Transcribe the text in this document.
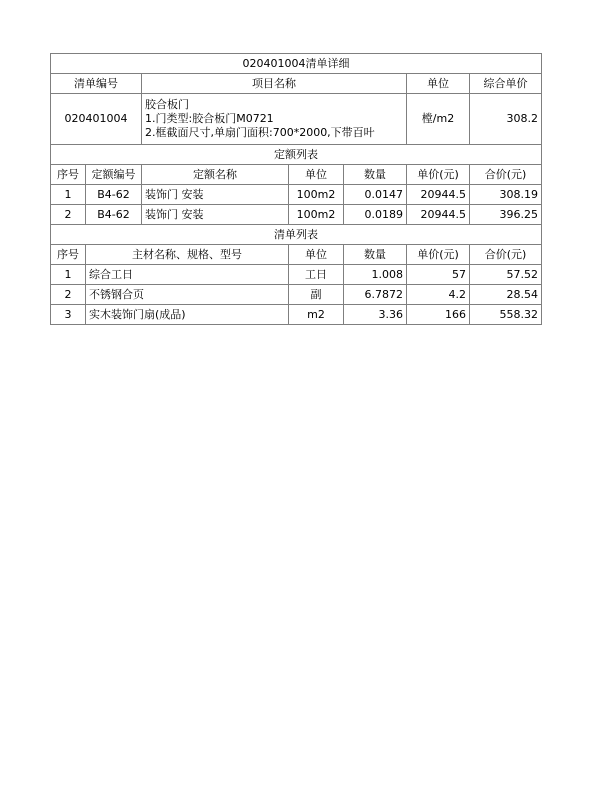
020401004清单详细						
清单编号		项目名称			单位	综合单价
020401004		胶合板门
1.门类型:胶合板门M0721
2.框截面尺寸,单扇门面积:700*2000,下带百叶			樘/m2	308.2
定额列表						
序号	定额编号	定额名称	单位	数量	单价(元)	合价(元)
1	B4-62	装饰门 安装	100m2	0.0147	20944.5	308.19
2	B4-62	装饰门 安装	100m2	0.0189	20944.5	396.25
清单列表						
序号	主材名称、规格、型号		单位	数量	单价(元)	合价(元)
1	综合工日		工日	1.008	57	57.52
2	不锈钢合页		副	6.7872	4.2	28.54
3	实木装饰门扇(成品)		m2	3.36	166	558.32
